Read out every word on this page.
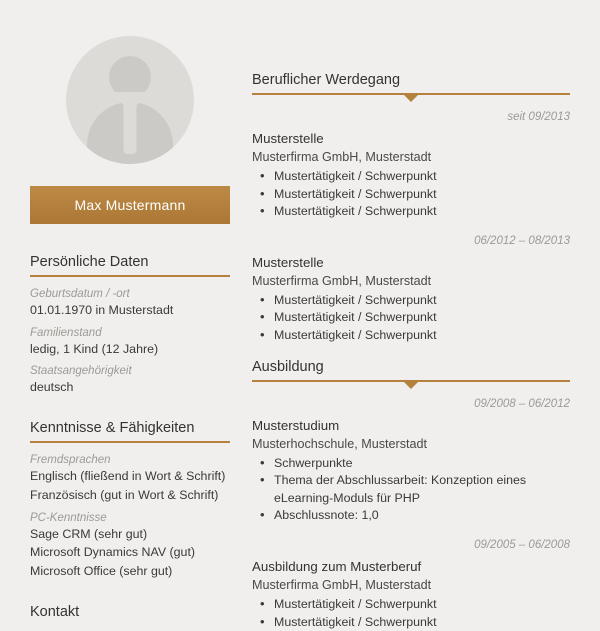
Max Mustermann
Persönliche Daten

Geburtsdatum / -ort

01.01.1970 in Musterstadt

Familienstand

ledig, 1 Kind (12 Jahre)

Staatsangehörigkeit

deutsch

Kenntnisse & Fähigkeiten

Fremdsprachen

Englisch (fließend in Wort & Schrift)

Französisch (gut in Wort & Schrift)

PC-Kenntnisse

Sage CRM (sehr gut)

Microsoft Dynamics NAV (gut)

Microsoft Office (sehr gut)

Kontakt
Beruflicher Werdegang

seit 09/2013

Musterstelle

Musterfirma GmbH, Musterstadt

• Mustertätigkeit / Schwerpunkt
• Mustertätigkeit / Schwerpunkt
• Mustertätigkeit / Schwerpunkt

06/2012 – 08/2013

Musterstelle

Musterfirma GmbH, Musterstadt

• Mustertätigkeit / Schwerpunkt
• Mustertätigkeit / Schwerpunkt
• Mustertätigkeit / Schwerpunkt
Ausbildung

09/2008 – 06/2012

Musterstudium

Musterhochschule, Musterstadt

• Schwerpunkte
• Thema der Abschlussarbeit: Konzeption eines eLearning-Moduls für PHP
• Abschlussnote: 1,0

09/2005 – 06/2008

Ausbildung zum Musterberuf

Musterfirma GmbH, Musterstadt

• Mustertätigkeit / Schwerpunkt
• Mustertätigkeit / Schwerpunkt
